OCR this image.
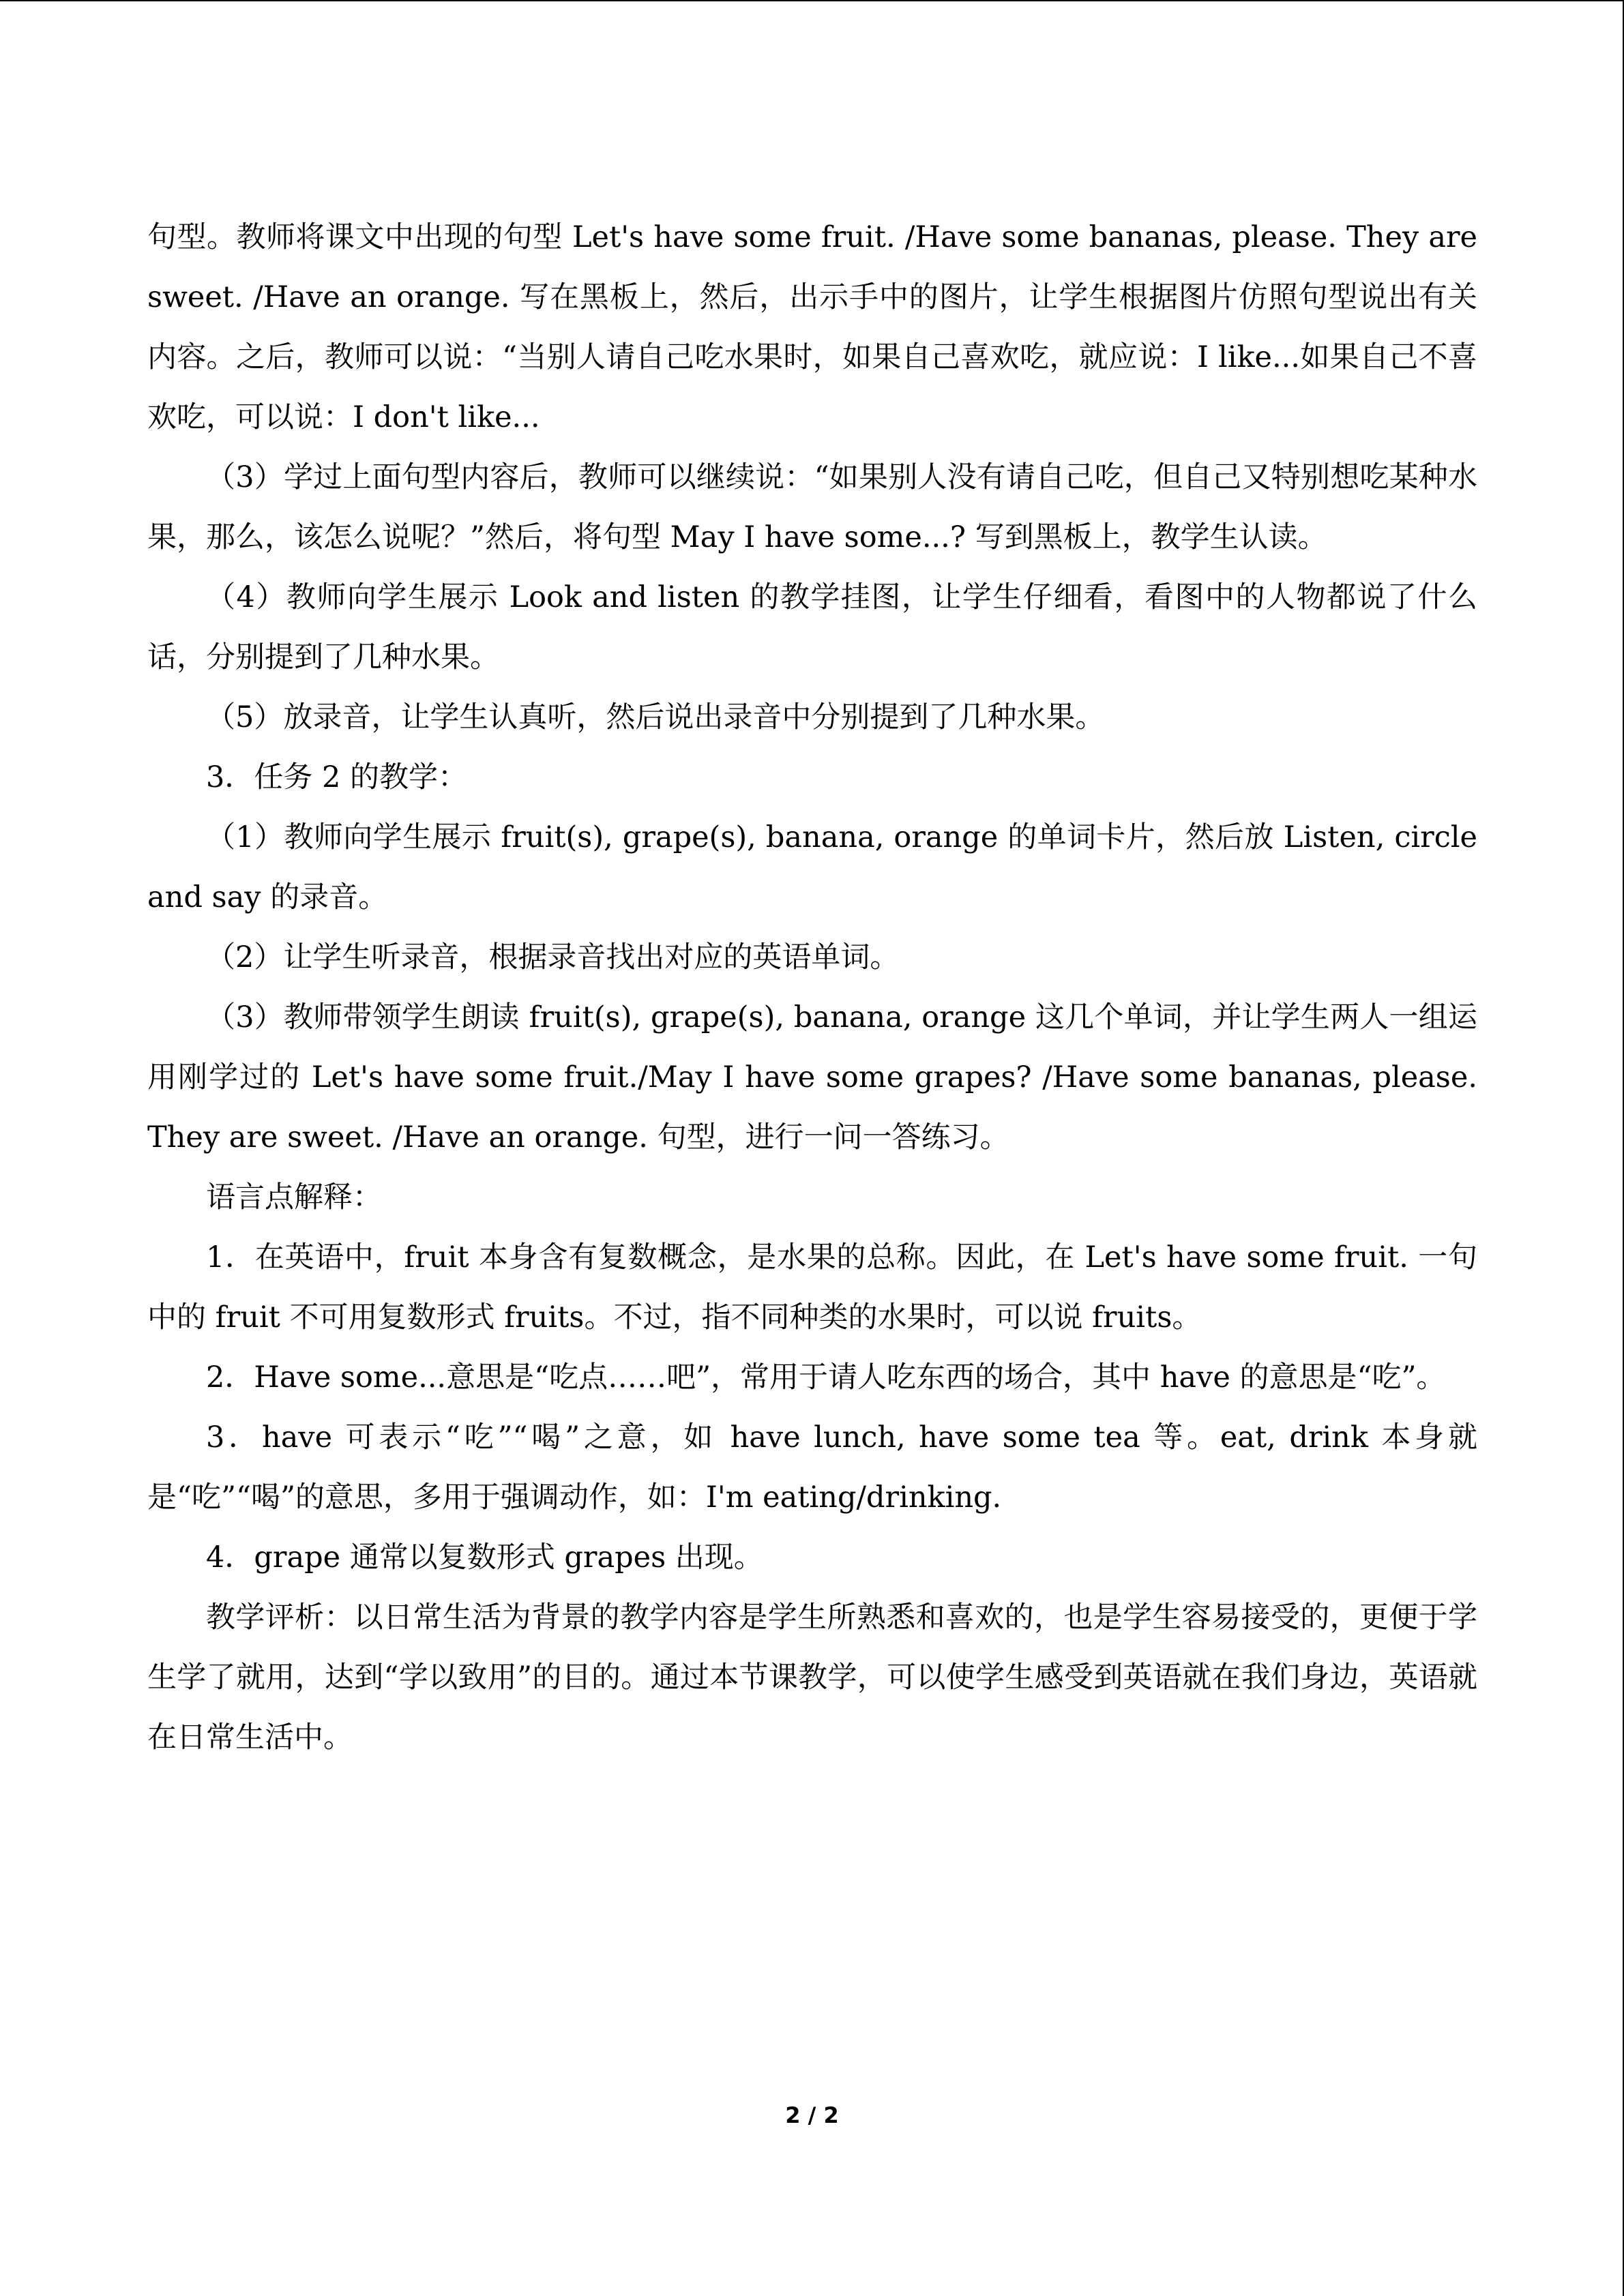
句型。教师将课文中出现的句型 Let's have some fruit. /Have some bananas, please. They are sweet. /Have an orange. 写在黑板上，然后，出示手中的图片，让学生根据图片仿照句型说出有关内容。之后，教师可以说：“当别人请自己吃水果时，如果自己喜欢吃，就应说：I like...如果自己不喜欢吃，可以说：I don't like...

（3）学过上面句型内容后，教师可以继续说：“如果别人没有请自己吃，但自己又特别想吃某种水果，那么，该怎么说呢？”然后，将句型 May I have some...? 写到黑板上，教学生认读。

（4）教师向学生展示 Look and listen 的教学挂图，让学生仔细看，看图中的人物都说了什么话，分别提到了几种水果。

（5）放录音，让学生认真听，然后说出录音中分别提到了几种水果。

3．任务 2 的教学：

（1）教师向学生展示 fruit(s), grape(s), banana, orange 的单词卡片，然后放 Listen, circle and say 的录音。

（2）让学生听录音，根据录音找出对应的英语单词。

（3）教师带领学生朗读 fruit(s), grape(s), banana, orange 这几个单词，并让学生两人一组运用刚学过的 Let's have some fruit./May I have some grapes? /Have some bananas, please. They are sweet. /Have an orange. 句型，进行一问一答练习。

语言点解释：

1．在英语中，fruit 本身含有复数概念，是水果的总称。因此，在 Let's have some fruit. 一句中的 fruit 不可用复数形式 fruits。不过，指不同种类的水果时，可以说 fruits。

2．Have some...意思是“吃点……吧”，常用于请人吃东西的场合，其中 have 的意思是“吃”。

3．have 可表示“吃”“喝”之意，如 have lunch, have some tea 等。eat, drink 本身就是“吃”“喝”的意思，多用于强调动作，如：I'm eating/drinking.

4．grape 通常以复数形式 grapes 出现。

教学评析：以日常生活为背景的教学内容是学生所熟悉和喜欢的，也是学生容易接受的，更便于学生学了就用，达到“学以致用”的目的。通过本节课教学，可以使学生感受到英语就在我们身边，英语就在日常生活中。

2 / 2
